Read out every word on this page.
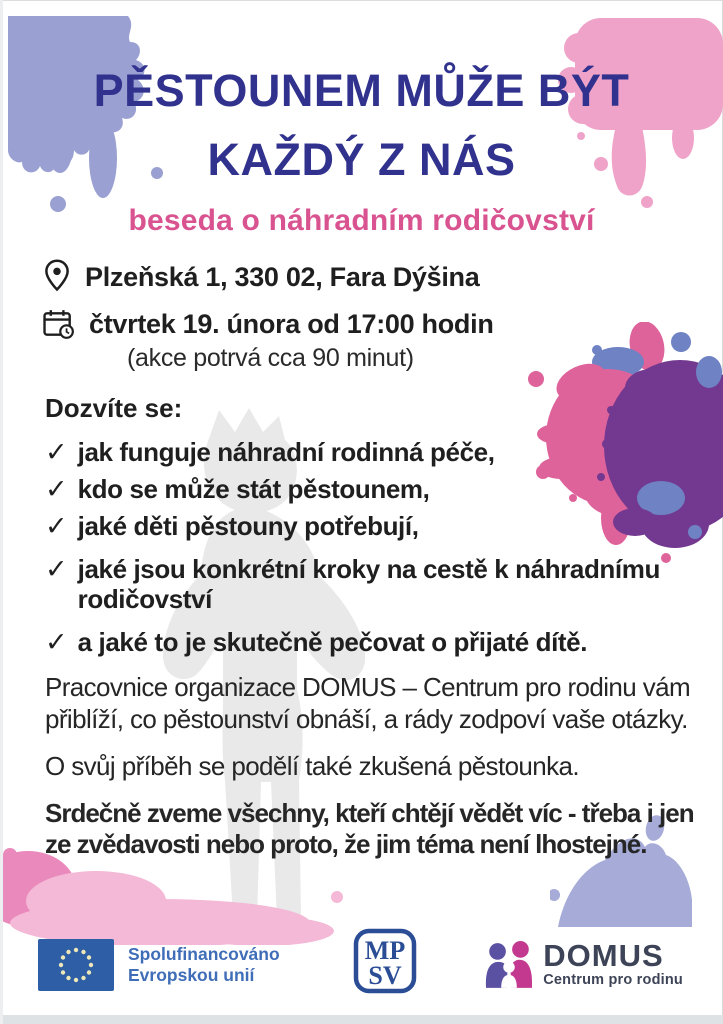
PĚSTOUNEM MŮŽE BÝT
KAŽDÝ Z NÁS
beseda o náhradním rodičovství
Plzeňská 1, 330 02, Fara Dýšina
čtvrtek 19. února od 17:00 hodin
(akce potrvá cca 90 minut)
Dozvíte se:
✓ jak funguje náhradní rodinná péče,
✓ kdo se může stát pěstounem,
✓ jaké děti pěstouny potřebují,
✓ jaké jsou konkrétní kroky na cestě k náhradnímu rodičovství
✓ a jaké to je skutečně pečovat o přijaté dítě.

Pracovnice organizace DOMUS – Centrum pro rodinu vám přiblíží, co pěstounství obnáší, a rády zodpoví vaše otázky.

O svůj příběh se podělí také zkušená pěstounka.

Srdečně zveme všechny, kteří chtějí vědět víc - třeba i jen ze zvědavosti nebo proto, že jim téma není lhostejné.

Spolufinancováno
Evropskou unií
MP
SV
DOMUS
Centrum pro rodinu
